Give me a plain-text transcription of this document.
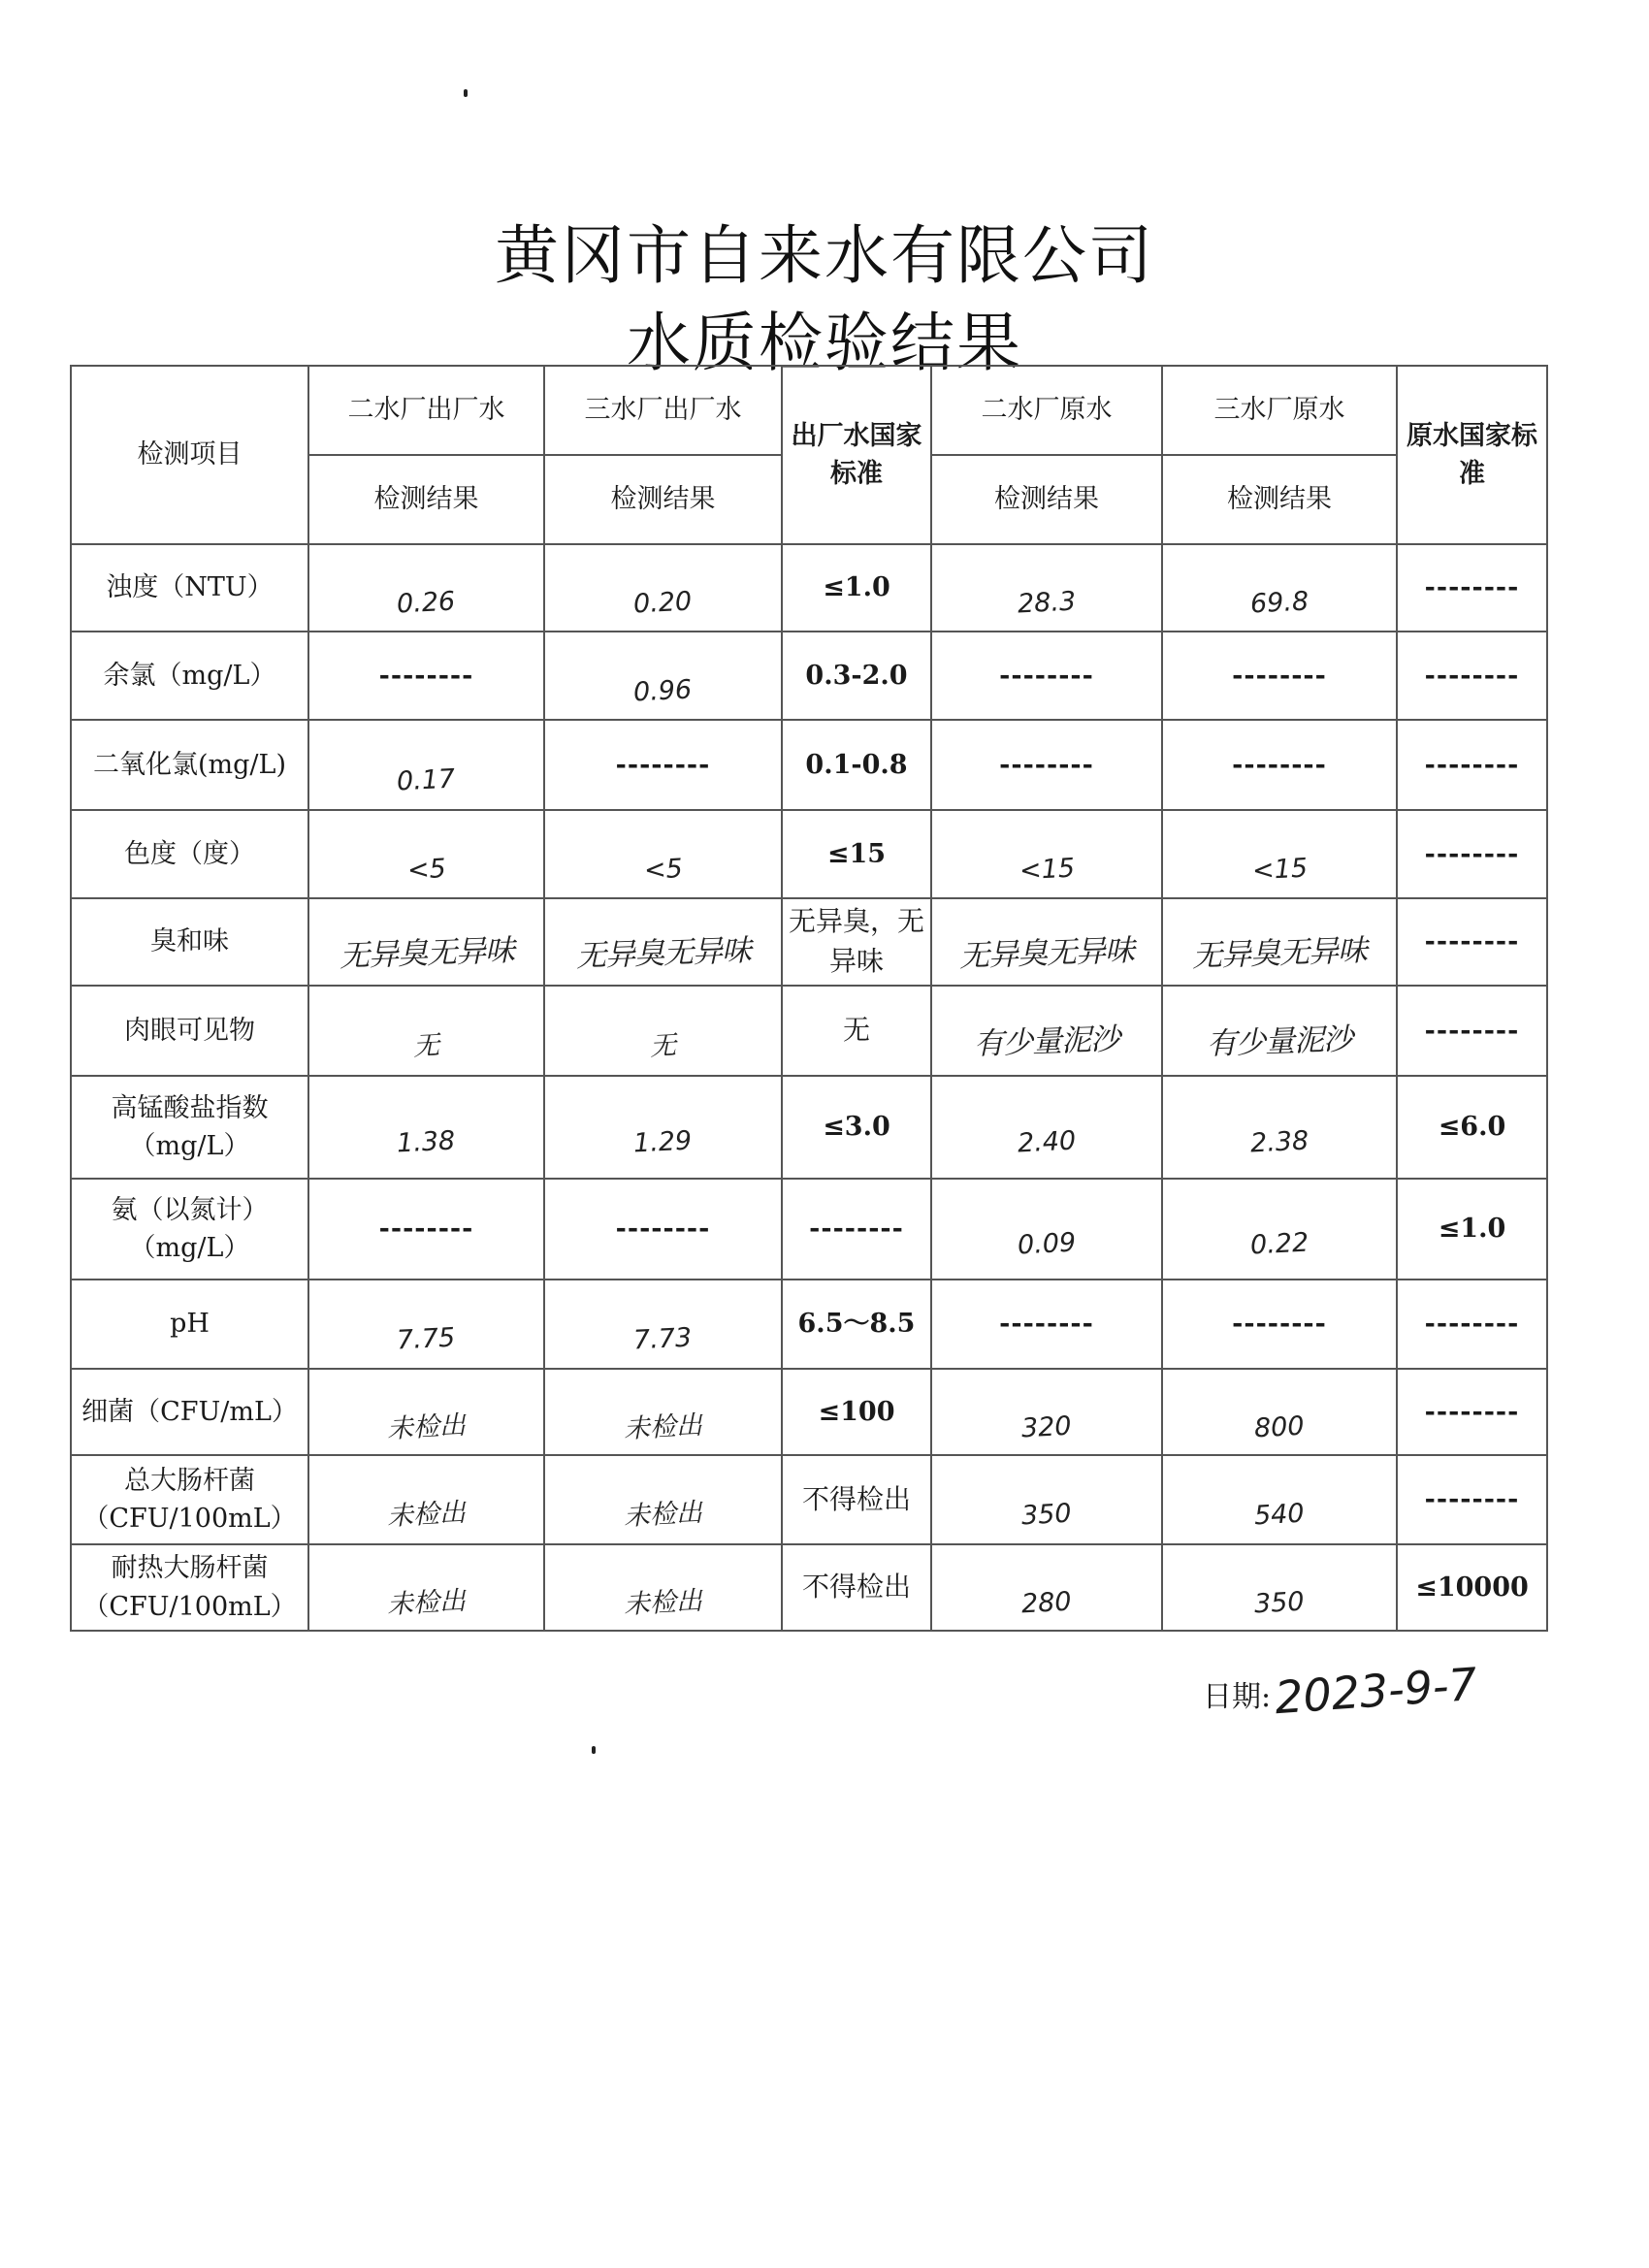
黄冈市自来水有限公司
水质检验结果
检测项目	二水厂出厂水	三水厂出厂水	出厂水国家标准	二水厂原水	三水厂原水	原水国家标准
	检测结果	检测结果		检测结果	检测结果	
浊度（NTU）	0.26	0.20	≤1.0	28.3	69.8	--------
余氯（mg/L）	--------	0.96	0.3-2.0	--------	--------	--------
二氧化氯(mg/L)	0.17	--------	0.1-0.8	--------	--------	--------
色度（度）	<5	<5	≤15	<15	<15	--------
臭和味	无异臭无异味	无异臭无异味	无异臭，无异味	无异臭无异味	无异臭无异味	--------
肉眼可见物	无	无	无	有少量泥沙	有少量泥沙	--------
高锰酸盐指数（mg/L）	1.38	1.29	≤3.0	2.40	2.38	≤6.0
氨（以氮计）（mg/L）	--------	--------	--------	0.09	0.22	≤1.0
pH	7.75	7.73	6.5～8.5	--------	--------	--------
细菌（CFU/mL）	未检出	未检出	≤100	320	800	--------
总大肠杆菌（CFU/100mL）	未检出	未检出	不得检出	350	540	--------
耐热大肠杆菌（CFU/100mL）	未检出	未检出	不得检出	280	350	≤10000
日期:2023-9-7
